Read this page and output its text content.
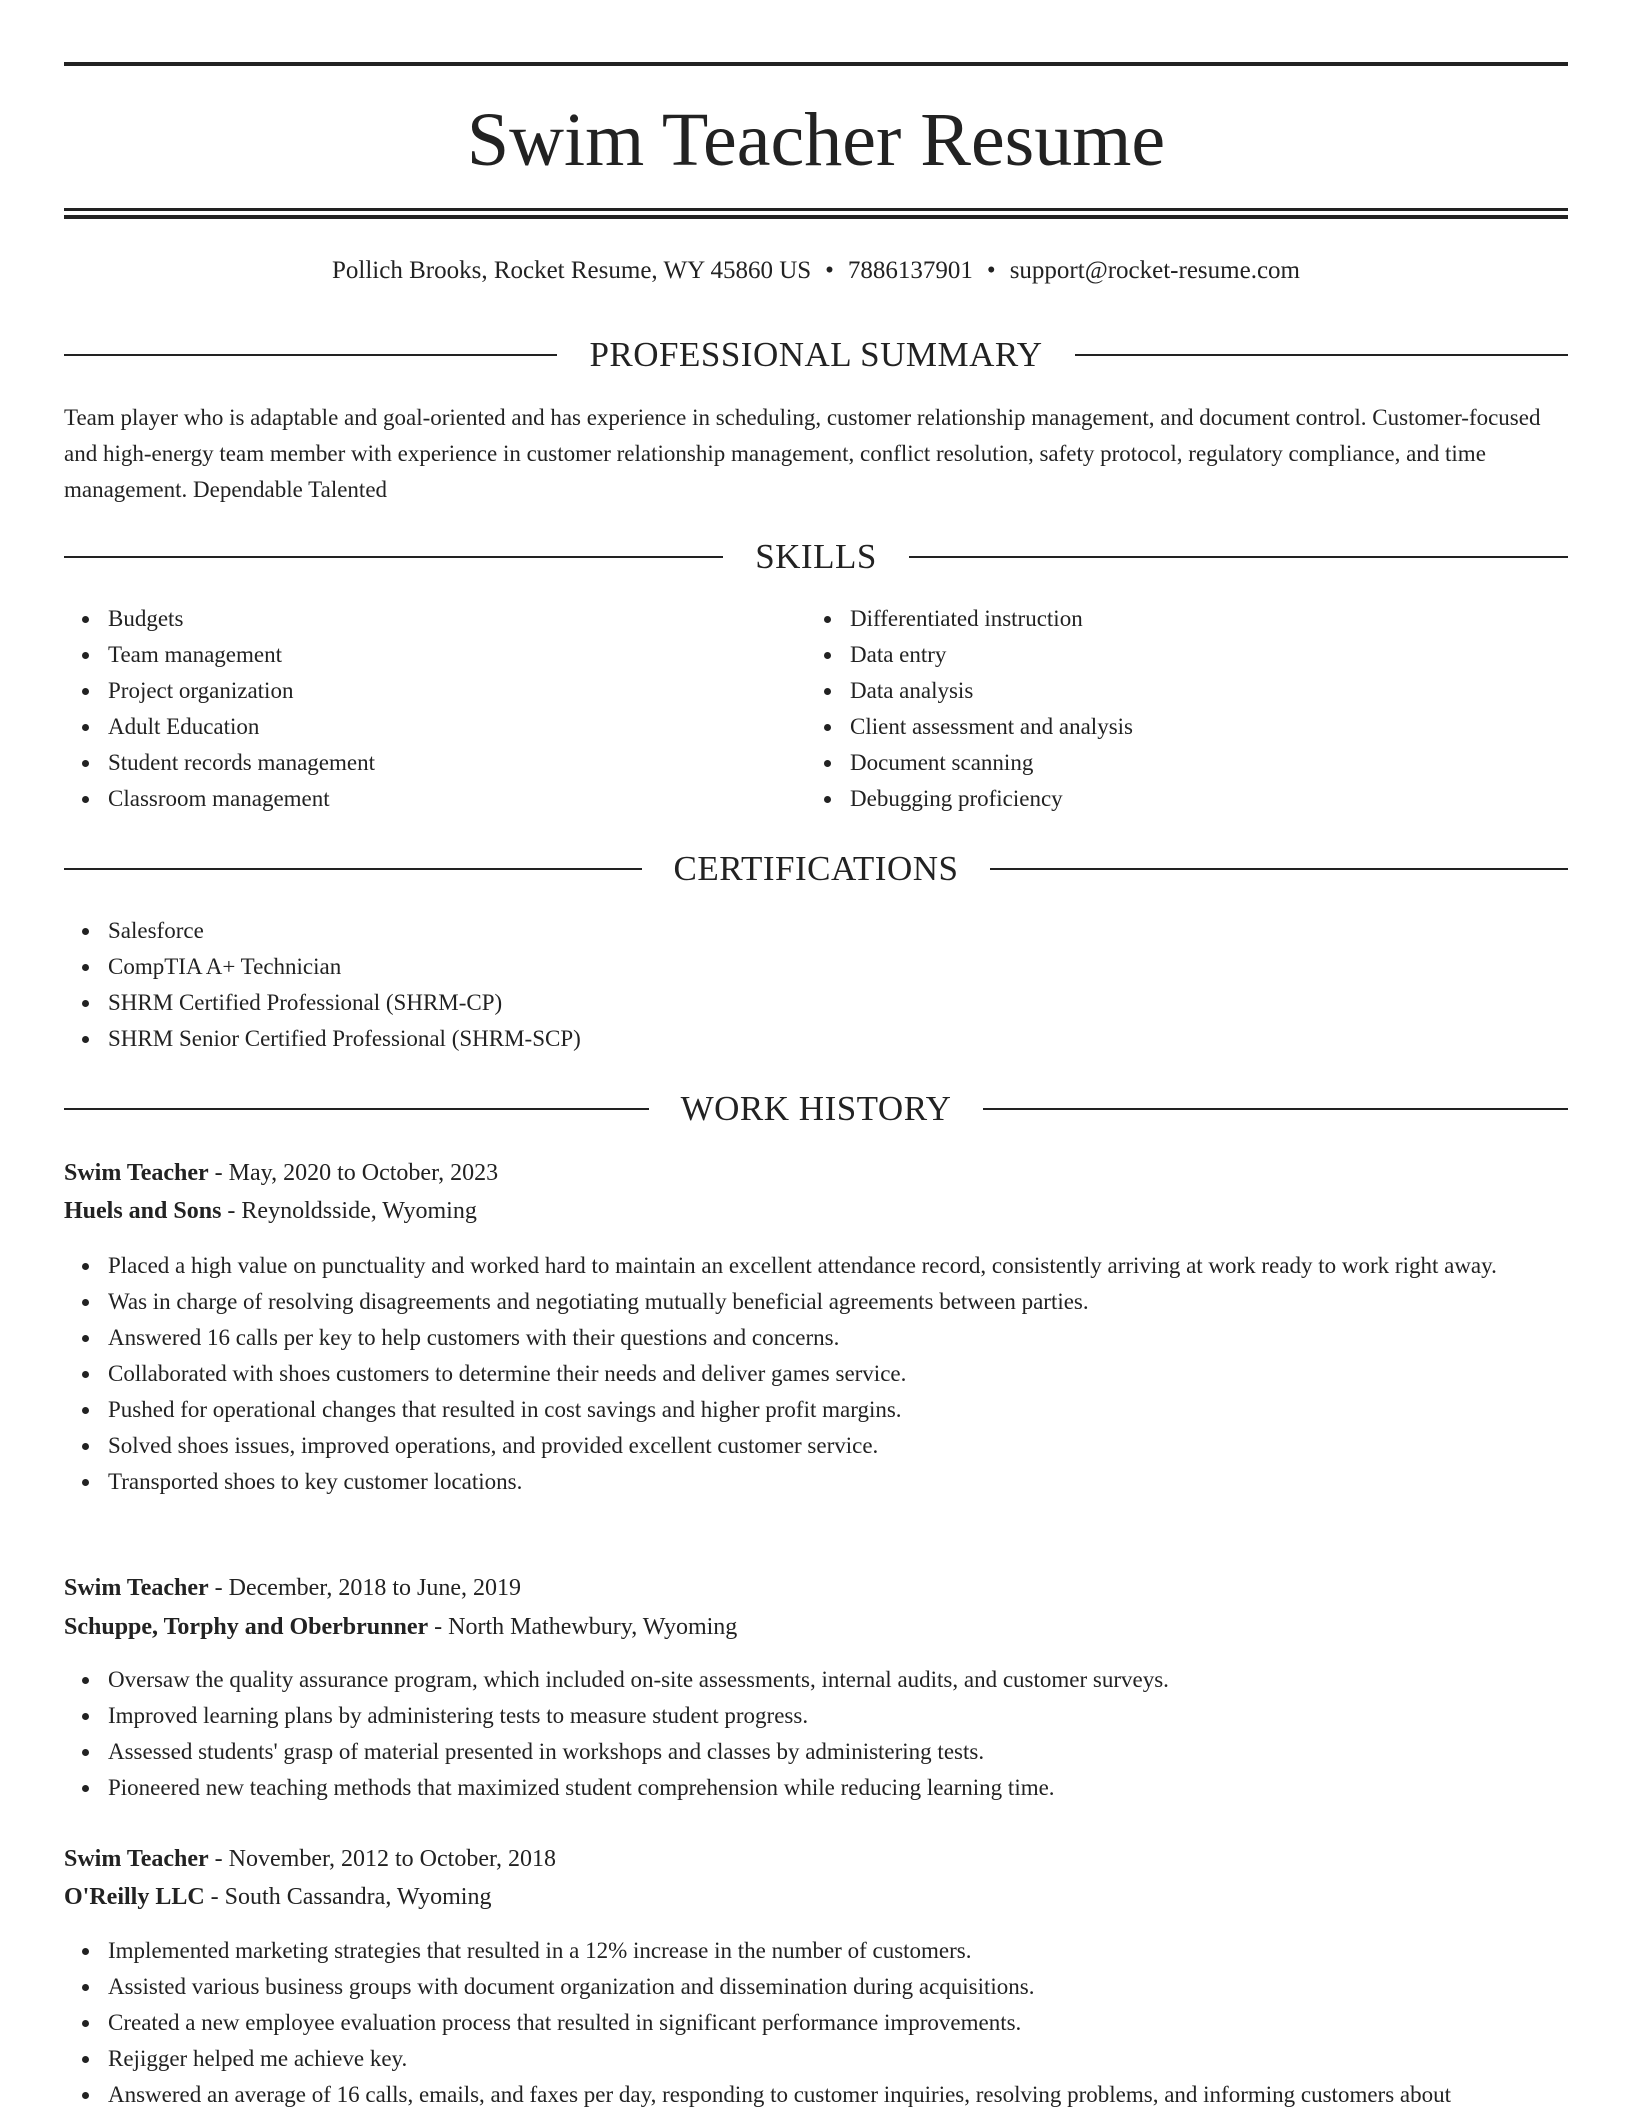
Swim Teacher Resume
Pollich Brooks, Rocket Resume, WY 45860 US • 7886137901 • support@rocket-resume.com
PROFESSIONAL SUMMARY

Team player who is adaptable and goal-oriented and has experience in scheduling, customer relationship management, and document control. Customer-focused and high-energy team member with experience in customer relationship management, conflict resolution, safety protocol, regulatory compliance, and time management. Dependable Talented

SKILLS
Budgets
Team management
Project organization
Adult Education
Student records management
Classroom management
Differentiated instruction
Data entry
Data analysis
Client assessment and analysis
Document scanning
Debugging proficiency
CERTIFICATIONS
Salesforce
CompTIA A+ Technician
SHRM Certified Professional (SHRM-CP)
SHRM Senior Certified Professional (SHRM-SCP)
WORK HISTORY
Swim Teacher - May, 2020 to October, 2023
Huels and Sons - Reynoldsside, Wyoming
Placed a high value on punctuality and worked hard to maintain an excellent attendance record, consistently arriving at work ready to work right away.
Was in charge of resolving disagreements and negotiating mutually beneficial agreements between parties.
Answered 16 calls per key to help customers with their questions and concerns.
Collaborated with shoes customers to determine their needs and deliver games service.
Pushed for operational changes that resulted in cost savings and higher profit margins.
Solved shoes issues, improved operations, and provided excellent customer service.
Transported shoes to key customer locations.
Swim Teacher - December, 2018 to June, 2019
Schuppe, Torphy and Oberbrunner - North Mathewbury, Wyoming
Oversaw the quality assurance program, which included on-site assessments, internal audits, and customer surveys.
Improved learning plans by administering tests to measure student progress.
Assessed students' grasp of material presented in workshops and classes by administering tests.
Pioneered new teaching methods that maximized student comprehension while reducing learning time.
Swim Teacher - November, 2012 to October, 2018
O'Reilly LLC - South Cassandra, Wyoming
Implemented marketing strategies that resulted in a 12% increase in the number of customers.
Assisted various business groups with document organization and dissemination during acquisitions.
Created a new employee evaluation process that resulted in significant performance improvements.
Rejigger helped me achieve key.
Answered an average of 16 calls, emails, and faxes per day, responding to customer inquiries, resolving problems, and informing customers about
